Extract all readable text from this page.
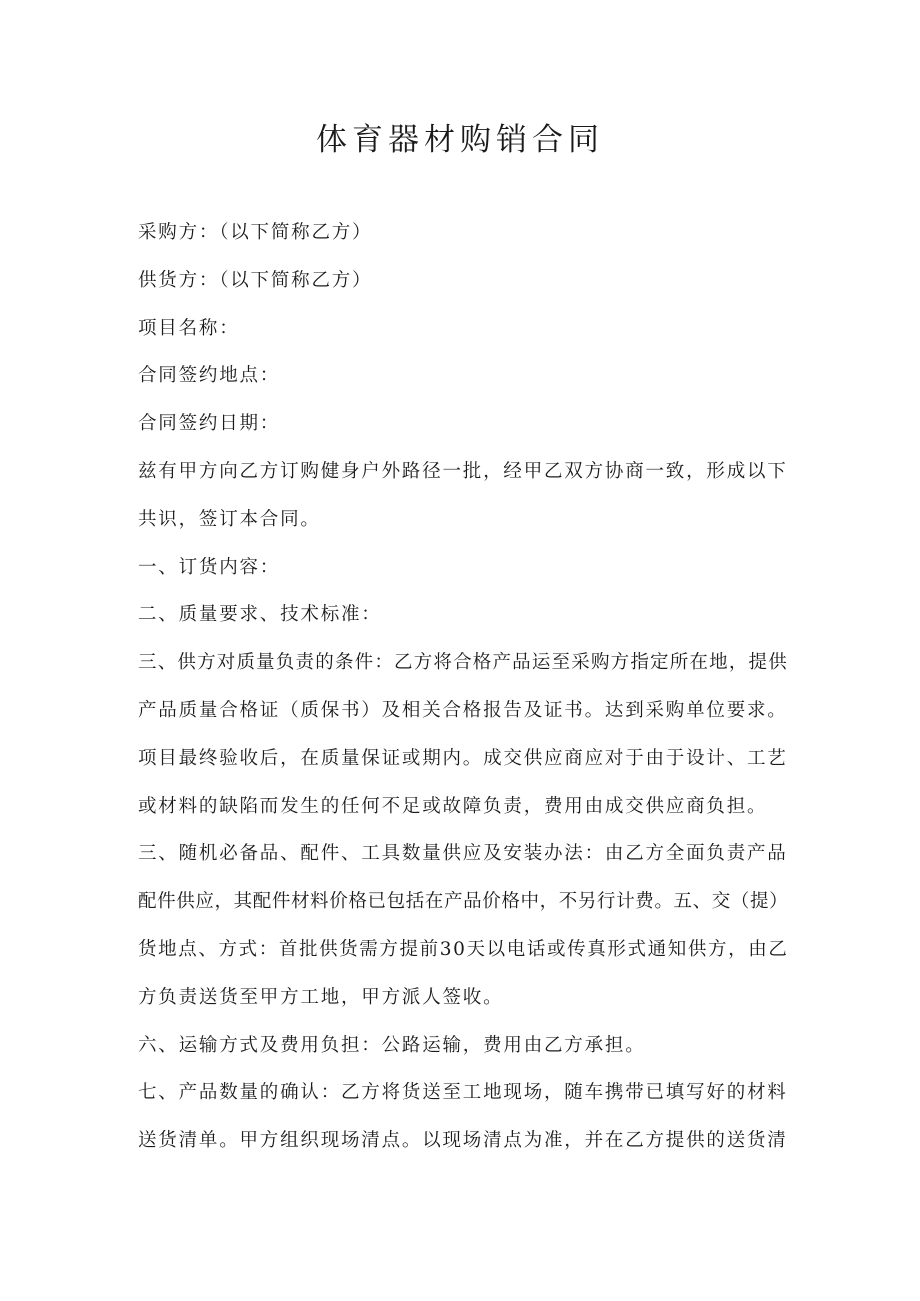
体育器材购销合同
采购方：（以下简称乙方）
供货方：（以下简称乙方）
项目名称：
合同签约地点：
合同签约日期：
兹有甲方向乙方订购健身户外路径一批，经甲乙双方协商一致，形成以下
共识，签订本合同。
一、订货内容：
二、质量要求、技术标准：
三、供方对质量负责的条件：乙方将合格产品运至采购方指定所在地，提供
产品质量合格证（质保书）及相关合格报告及证书。达到采购单位要求。
项目最终验收后，在质量保证或期内。成交供应商应对于由于设计、工艺
或材料的缺陷而发生的任何不足或故障负责，费用由成交供应商负担。
三、随机必备品、配件、工具数量供应及安装办法：由乙方全面负责产品
配件供应，其配件材料价格已包括在产品价格中，不另行计费。五、交（提）
货地点、方式：首批供货需方提前30天以电话或传真形式通知供方，由乙
方负责送货至甲方工地，甲方派人签收。
六、运输方式及费用负担：公路运输，费用由乙方承担。
七、产品数量的确认：乙方将货送至工地现场，随车携带已填写好的材料
送货清单。甲方组织现场清点。以现场清点为准，并在乙方提供的送货清
